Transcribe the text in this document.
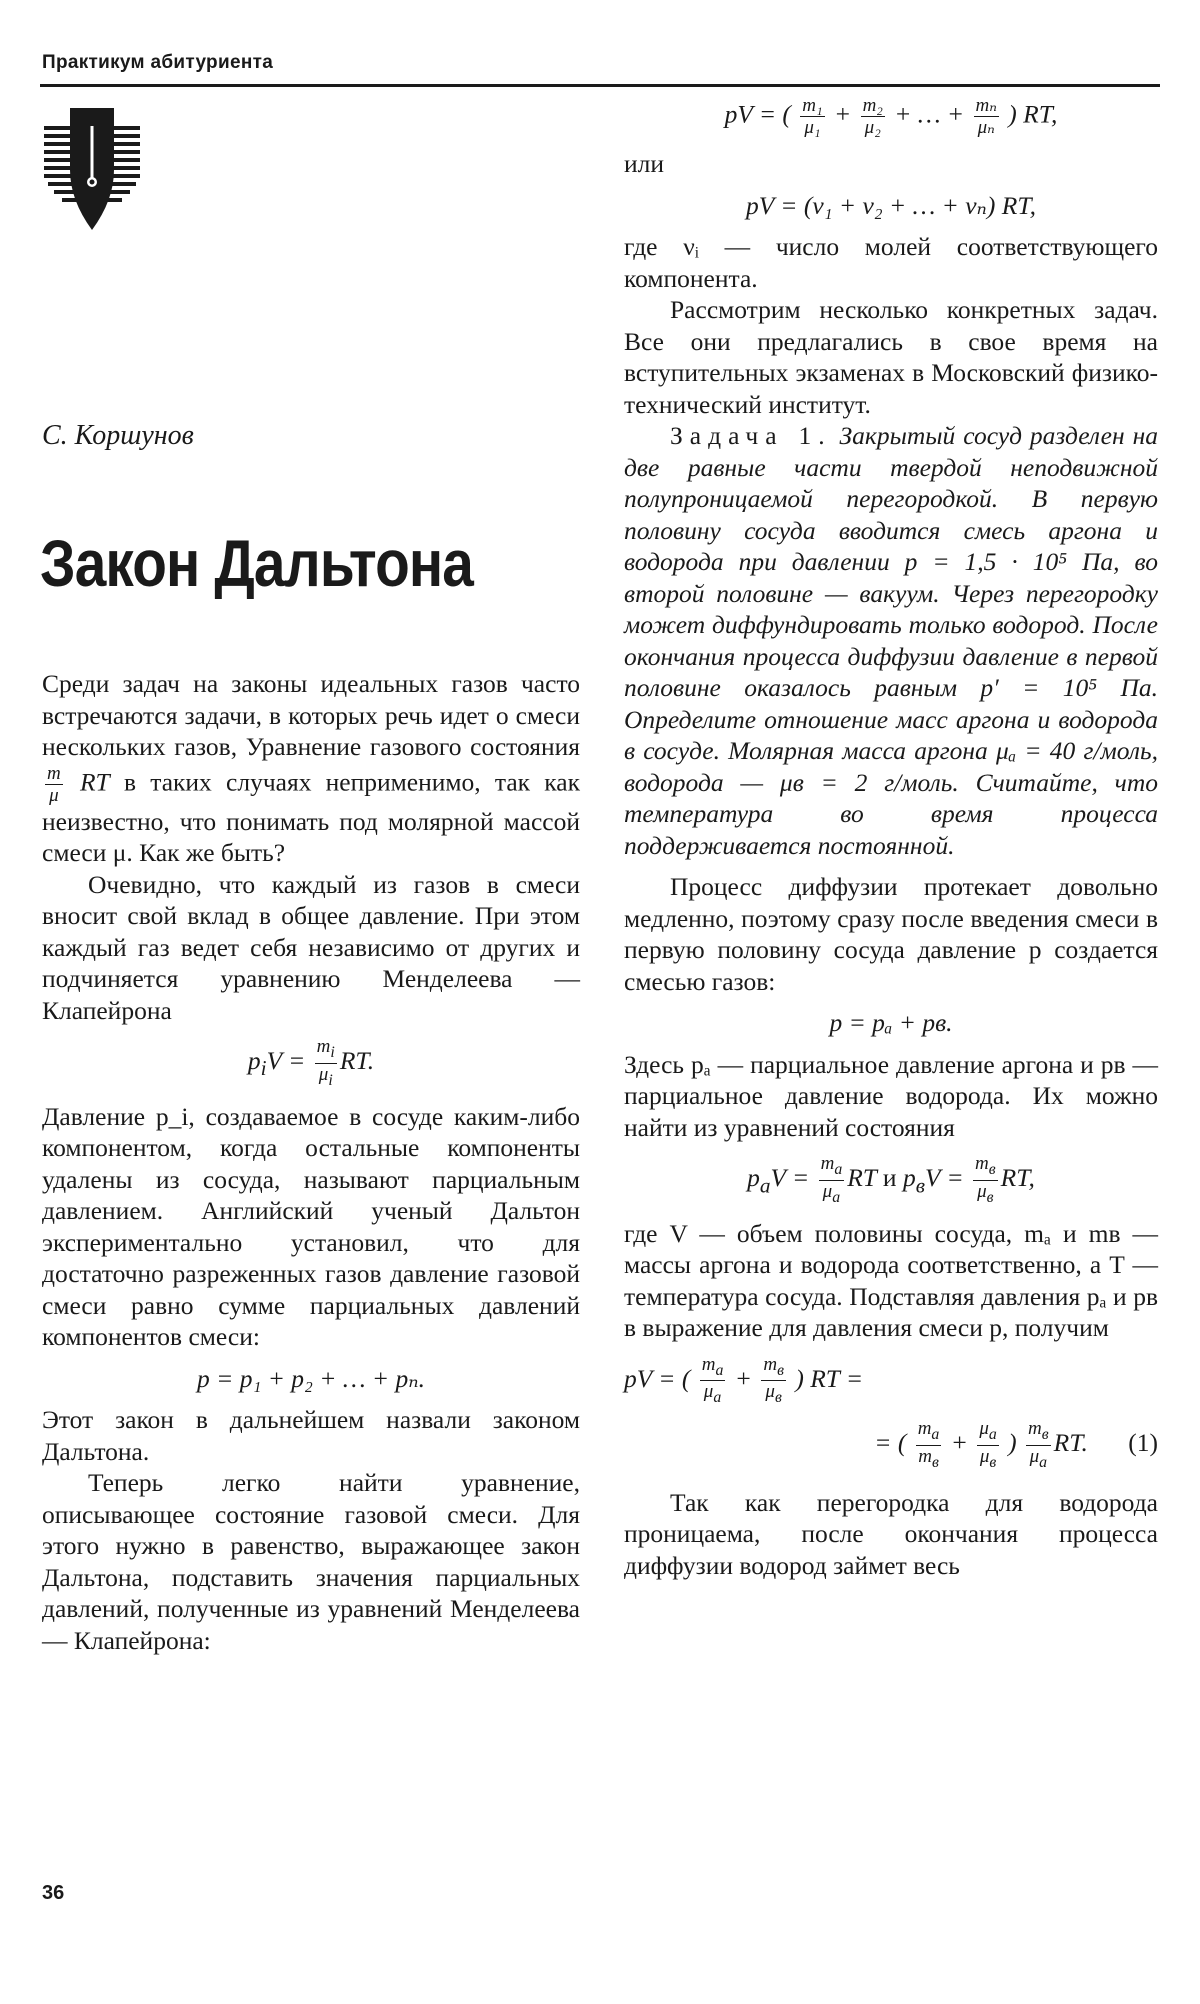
Практикум абитуриента
С. Коршунов
Закон Дальтона

Среди задач на законы идеальных газов часто встречаются задачи, в которых речь идет о смеси нескольких газов, Уравнение газового состояния
$\frac{m}{\mu}$ RT в таких случаях неприменимо, так как неизвестно, что понимать под молярной массой смеси μ. Как же быть?

Очевидно, что каждый из газов в смеси вносит свой вклад в общее давление. При этом каждый газ ведет себя независимо от других и подчиняется уравнению Менделеева — Клапейрона

$p_iV = \frac{m_i}{\mu_i}$ RT.

Давление p_i, создаваемое в сосуде каким-либо компонентом, когда остальные компоненты удалены из сосуда, называют парциальным давлением. Английский ученый Дальтон экспериментально установил, что для достаточно разреженных газов давление газовой смеси равно сумме парциальных давлений компонентов смеси:

p = p₁ + p₂ + … + pₙ.

Этот закон в дальнейшем назвали законом Дальтона.

Теперь легко найти уравнение, описывающее состояние газовой смеси. Для этого нужно в равенство, выражающее закон Дальтона, подставить значения парциальных давлений, полученные из уравнений Менделеева — Клапейрона:

pV = ( $\frac{\text{m₁}}{\text{μ₁}} + \frac{\text{m₂}}{\text{μ₂}}$ + … + $\frac{\text{mₙ}}{\text{μₙ}}$ ) RT,

или

pV = (ν₁ + ν₂ + … + νₙ) RT,

где νᵢ — число молей соответствующего компонента.

Рассмотрим несколько конкретных задач. Все они предлагались в свое время на вступительных экзаменах в Московский физико-технический институт.

Задача 1. Закрытый сосуд разделен на две равные части твердой неподвижной полупроницаемой перегородкой. В первую половину сосуда вводится смесь аргона и водорода при давлении p = 1,5 · 10⁵ Па, во второй половине — вакуум. Через перегородку может диффундировать только водород. После окончания процесса диффузии давление в первой половине оказалось равным p′ = 10⁵ Па. Определите отношение масс аргона и водорода в сосуде. Молярная масса аргона μₐ = 40 г/моль, водорода — μв = 2 г/моль. Считайте, что температура во время процесса поддерживается постоянной.

Процесс диффузии протекает довольно медленно, поэтому сразу после введения смеси в первую половину сосуда давление p создается смесью газов:

p = pₐ + pв.

Здесь pₐ — парциальное давление аргона и pв — парциальное давление водорода. Их можно найти из уравнений состояния

$p_aV = \frac{m_a}{\mu_a}$ RT и $p_вV = \frac{m_в}{\mu_в}$ RT,

где V — объем половины сосуда, mₐ и mв — массы аргона и водорода соответственно, а T — температура сосуда. Подставляя давления pₐ и pв в выражение для давления смеси p, получим

pV = ( $\frac{m_a}{\mu_a} + \frac{m_в}{\mu_в}$ ) RT =
= ( $\frac{m_a}{m_в} + \frac{\mu_a}{\mu_в}$ ) $\frac{m_в}{\mu_a}$ RT. (1)

Так как перегородка для водорода проницаема, после окончания процесса диффузии водород займет весь

36
